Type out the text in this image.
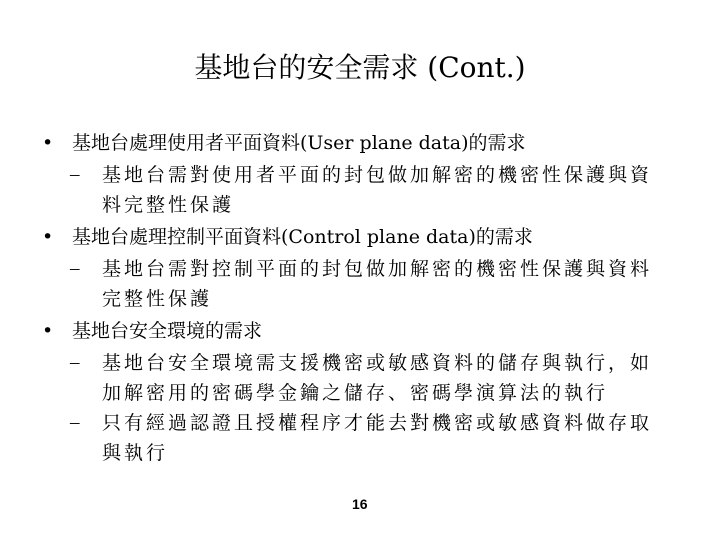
基地台的安全需求 (Cont.)
• 基地台處理使用者平面資料(User plane data)的需求
– 基地台需對使用者平面的封包做加解密的機密性保護與資料完整性保護
• 基地台處理控制平面資料(Control plane data)的需求
– 基地台需對控制平面的封包做加解密的機密性保護與資料完整性保護
• 基地台安全環境的需求
– 基地台安全環境需支援機密或敏感資料的儲存與執行，如加解密用的密碼學金鑰之儲存、密碼學演算法的執行
– 只有經過認證且授權程序才能去對機密或敏感資料做存取與執行
16
